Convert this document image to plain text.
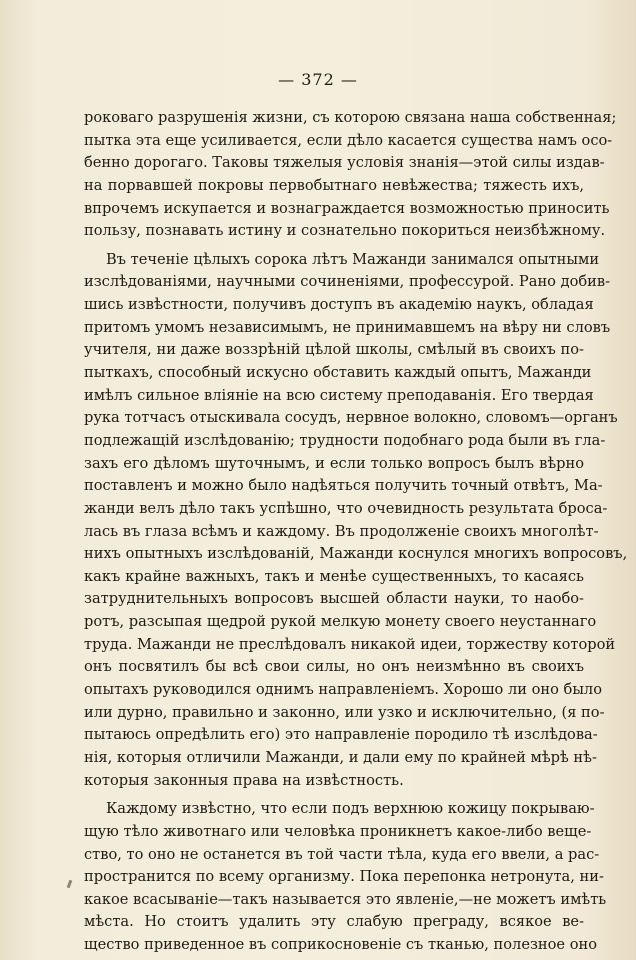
— 372 —
роковаго разрушенія жизни, съ которою связана наша собственная;
пытка эта еще усиливается, если дѣло касается существа намъ осо-
бенно дорогаго. Таковы тяжелыя условія знанія—этой силы издав-
на порвавшей покровы первобытнаго невѣжества; тяжесть ихъ,
впрочемъ искупается и вознаграждается возможностью приносить
пользу, познавать истину и сознательно покориться неизбѣжному.
Въ теченіе цѣлыхъ сорока лѣтъ Мажанди занимался опытными
изслѣдованіями, научными сочиненіями, профессурой. Рано добив-
шись извѣстности, получивъ доступъ въ академію наукъ, обладая
притомъ умомъ независимымъ, не принимавшемъ на вѣру ни словъ
учителя, ни даже воззрѣній цѣлой школы, смѣлый въ своихъ по-
пыткахъ, способный искусно обставить каждый опытъ, Мажанди
имѣлъ сильное вліяніе на всю систему преподаванія. Его твердая
рука тотчасъ отыскивала сосудъ, нервное волокно, словомъ—органъ
подлежащій изслѣдованію; трудности подобнаго рода были въ гла-
захъ его дѣломъ шуточнымъ, и если только вопросъ былъ вѣрно
поставленъ и можно было надѣяться получить точный отвѣтъ, Ма-
жанди велъ дѣло такъ успѣшно, что очевидность результата броса-
лась въ глаза всѣмъ и каждому. Въ продолженіе своихъ многолѣт-
нихъ опытныхъ изслѣдованій, Мажанди коснулся многихъ вопросовъ,
какъ крайне важныхъ, такъ и менѣе существенныхъ, то касаясь
затруднительныхъ вопросовъ высшей области науки, то наобо-
ротъ, разсыпая щедрой рукой мелкую монету своего неустаннаго
труда. Мажанди не преслѣдовалъ никакой идеи, торжеству которой
онъ посвятилъ бы всѣ свои силы, но онъ неизмѣнно въ своихъ
опытахъ руководился однимъ направленіемъ. Хорошо ли оно было
или дурно, правильно и законно, или узко и исключительно, (я по-
пытаюсь опредѣлить его) это направленіе породило тѣ изслѣдова-
нія, которыя отличили Мажанди, и дали ему по крайней мѣрѣ нѣ-
которыя законныя права на извѣстность.
Каждому извѣстно, что если подъ верхнюю кожицу покрываю-
щую тѣло животнаго или человѣка проникнетъ какое-либо веще-
ство, то оно не останется въ той части тѣла, куда его ввели, а рас-
пространится по всему организму. Пока перепонка нетронута, ни-
какое всасываніе—такъ называется это явленіе,—не можетъ имѣть
мѣста. Но стоитъ удалить эту слабую преграду, всякое ве-
щество приведенное въ соприкосновеніе съ тканью, полезное оно
